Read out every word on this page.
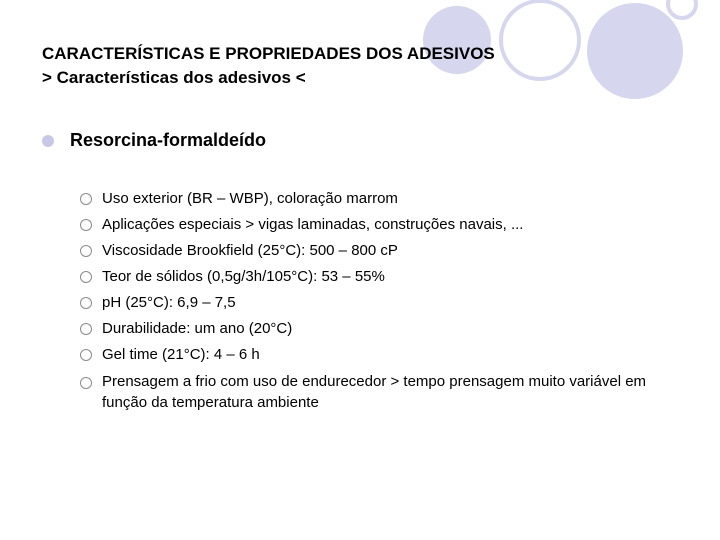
CARACTERÍSTICAS E PROPRIEDADES DOS ADESIVOS
> Características dos adesivos <
Resorcina-formaldeído
Uso exterior (BR – WBP), coloração marrom
Aplicações especiais > vigas laminadas, construções navais, ...
Viscosidade Brookfield (25°C): 500 – 800 cP
Teor de sólidos (0,5g/3h/105°C): 53 – 55%
pH (25°C): 6,9 – 7,5
Durabilidade: um ano (20°C)
Gel time (21°C): 4 – 6 h
Prensagem a frio com uso de endurecedor > tempo prensagem muito variável em função da temperatura ambiente
